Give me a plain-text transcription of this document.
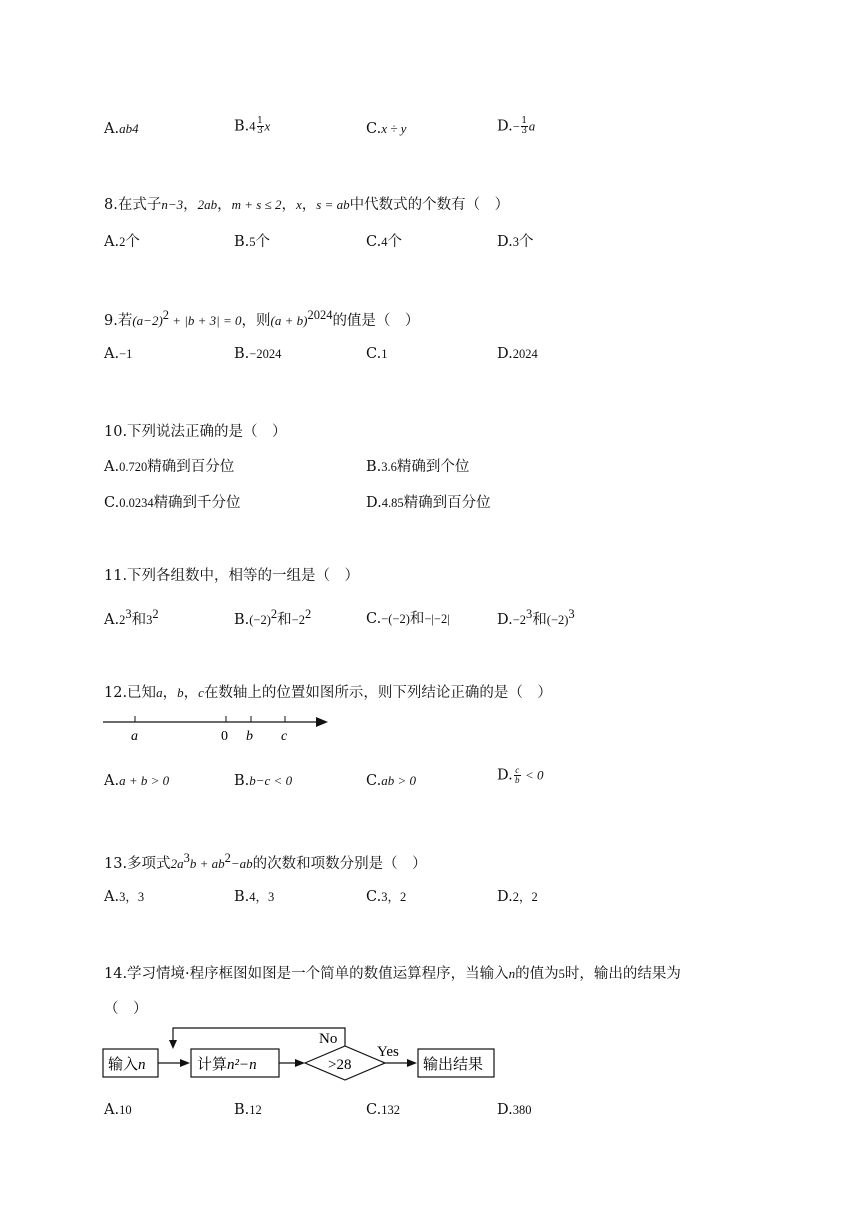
A.ab4	$B.4 \frac{1}{3}$ x	C.x ÷ y	$D.- \frac{1}{3}$ a
8.在式子n−3，2ab，m + s ≤ 2，x，s = ab中代数式的个数有（　）
A.2个	B.5个	C.4个	D.3个
9.若$(a-2)^2 + |b + 3| = 0$，则$(a + b)^{2024}$的值是（　）
A.−1	B.−2024	C.1	D.2024
10.下列说法正确的是（　）
A.0.720精确到百分位	B.3.6精确到个位
C.0.0234精确到千分位	D.4.85精确到百分位
11.下列各组数中，相等的一组是（　）
$A.2^3$和$3^2$	$B.(-2)^2$和$-2^2$	C.−(−2)和−|−2|	$D.-2^3$和$(-2)^3$
12.已知a，b，c在数轴上的位置如图所示，则下列结论正确的是（　）
a	0 b c
A.a + b > 0	B.b−c < 0	C.ab > 0	D. $\frac{c}{b} < 0$
13.多项式$2a^3b + ab^2-ab$的次数和项数分别是（　）
A.3，3	B.4，3	C.3，2	D.2，2
14.学习情境·程序框图如图是一个简单的数值运算程序，当输入n的值为5时，输出的结果为
（　）
输入n	计算n²−n	>28
No
Yes
输出结果
A.10	B.12	C.132	D.380
